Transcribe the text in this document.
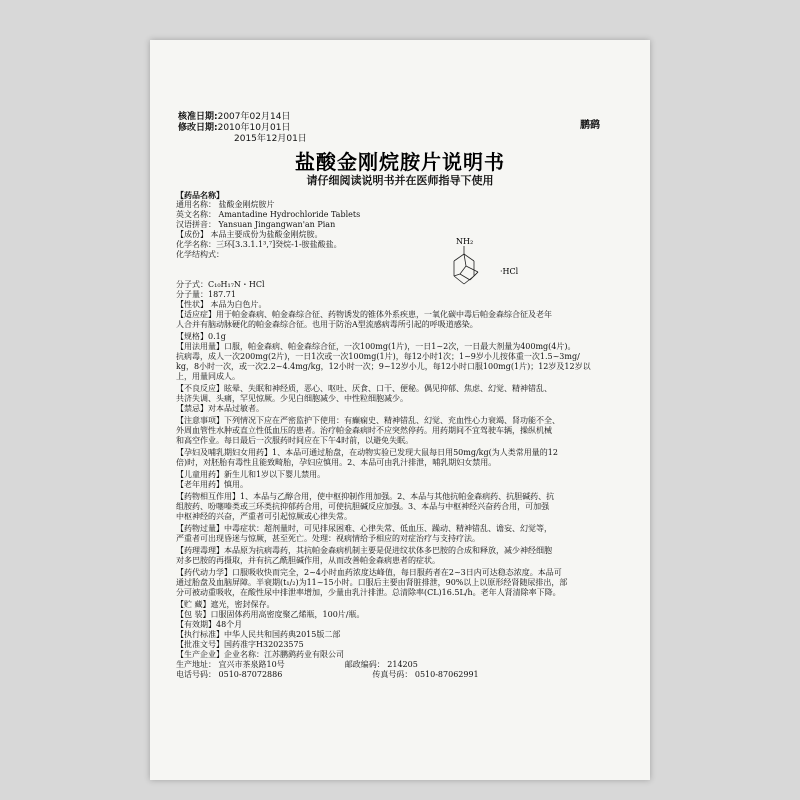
核准日期:2007年02月14日
修改日期:2010年10月01日
2015年12月01日
鹏鹞
盐酸金刚烷胺片说明书
请仔细阅读说明书并在医师指导下使用
NH₂
·HCl
【药品名称】
通用名称： 盐酸金刚烷胺片
英文名称： Amantadine Hydrochloride Tablets
汉语拼音： Yansuan Jingangwan'an Pian
【成份】 本品主要成份为盐酸金刚烷胺。
化学名称：三环[3.3.1.1³,⁷]癸烷-1-胺盐酸盐。
化学结构式：
分子式：C₁₀H₁₇N・HCl
分子量：187.71
【性状】 本品为白色片。
【适应症】用于帕金森病、帕金森综合征、药物诱发的锥体外系疾患，一氧化碳中毒后帕金森综合征及老年
人合并有脑动脉硬化的帕金森综合征。也用于防治A型流感病毒所引起的呼吸道感染。
【规格】0.1g
【用法用量】口服，帕金森病、帕金森综合征，一次100mg(1片)，一日1~2次，一日最大剂量为400mg(4片)。
抗病毒，成人一次200mg(2片)，一日1次或一次100mg(1片)，每12小时1次；1~9岁小儿按体重一次1.5~3mg/
kg，8小时一次，或一次2.2~4.4mg/kg，12小时一次；9~12岁小儿，每12小时口服100mg(1片)；12岁及12岁以
上，用量同成人。
【不良反应】眩晕、失眠和神经质，恶心、呕吐、厌食、口干、便秘。偶见抑郁、焦虑、幻觉、精神错乱、
共济失调、头痛，罕见惊厥。少见白细胞减少、中性粒细胞减少。
【禁忌】对本品过敏者。
【注意事项】下列情况下应在严密监护下使用：有癫痫史、精神错乱、幻觉、充血性心力衰竭、肾功能不全、
外周血管性水肿或直立性低血压的患者。治疗帕金森病时不应突然停药。用药期间不宜驾驶车辆，操纵机械
和高空作业。每日最后一次服药时间应在下午4时前，以避免失眠。
【孕妇及哺乳期妇女用药】1、本品可通过胎盘，在动物实验已发现大鼠每日用50mg/kg(为人类常用量的12
倍)时，对胚胎有毒性且能致畸胎，孕妇应慎用。2、本品可由乳汁排泄，哺乳期妇女禁用。
【儿童用药】新生儿和1岁以下婴儿禁用。
【老年用药】慎用。
【药物相互作用】1、本品与乙醇合用，使中枢抑制作用加强。2、本品与其他抗帕金森病药、抗胆碱药、抗
组胺药、吩噻嗪类或三环类抗抑郁药合用，可使抗胆碱反应加强。3、本品与中枢神经兴奋药合用，可加强
中枢神经的兴奋，严重者可引起惊厥或心律失常。
【药物过量】中毒症状：超剂量时，可见排尿困难、心律失常、低血压、躁动、精神错乱、谵妄、幻觉等，
严重者可出现昏迷与惊厥，甚至死亡。处理：视病情给予相应的对症治疗与支持疗法。
【药理毒理】本品原为抗病毒药，其抗帕金森病机制主要是促进纹状体多巴胺的合成和释放，减少神经细胞
对多巴胺的再摄取，并有抗乙酰胆碱作用，从而改善帕金森病患者的症状。
【药代动力学】口服吸收快而完全，2~4小时血药浓度达峰值，每日服药者在2~3日内可达稳态浓度。本品可
通过胎盘及血脑屏障。半衰期(t₁/₂)为11~15小时。口服后主要由肾脏排泄，90%以上以原形经肾随尿排出，部
分可被动重吸收，在酸性尿中排泄率增加，少量由乳汁排泄。总清除率(CL)16.5L/h。老年人肾清除率下降。
【贮 藏】遮光，密封保存。
【包 装】口服固体药用高密度聚乙烯瓶，100片/瓶。
【有效期】48个月
【执行标准】中华人民共和国药典2015版二部
【批准文号】国药准字H32023575
【生产企业】企业名称：江苏鹏鹞药业有限公司
生产地址： 宜兴市茶泉路10号	邮政编码： 214205
电话号码： 0510-87072886	传真号码： 0510-87062991
